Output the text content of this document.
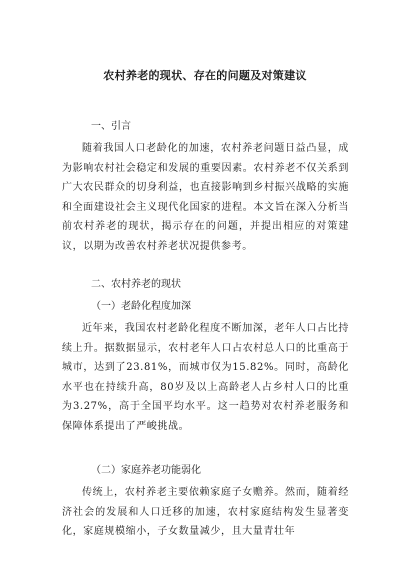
农村养老的现状、存在的问题及对策建议

一、引言

随着我国人口老龄化的加速，农村养老问题日益凸显，成为影响农村社会稳定和发展的重要因素。农村养老不仅关系到广大农民群众的切身利益，也直接影响到乡村振兴战略的实施和全面建设社会主义现代化国家的进程。本文旨在深入分析当前农村养老的现状，揭示存在的问题，并提出相应的对策建议，以期为改善农村养老状况提供参考。

二、农村养老的现状

（一）老龄化程度加深

近年来，我国农村老龄化程度不断加深，老年人口占比持续上升。据数据显示，农村老年人口占农村总人口的比重高于城市，达到了23.81%，而城市仅为15.82%。同时，高龄化水平也在持续升高，80岁及以上高龄老人占乡村人口的比重为3.27%，高于全国平均水平。这一趋势对农村养老服务和保障体系提出了严峻挑战。

（二）家庭养老功能弱化

传统上，农村养老主要依赖家庭子女赡养。然而，随着经济社会的发展和人口迁移的加速，农村家庭结构发生显著变化，家庭规模缩小，子女数量减少，且大量青壮年
